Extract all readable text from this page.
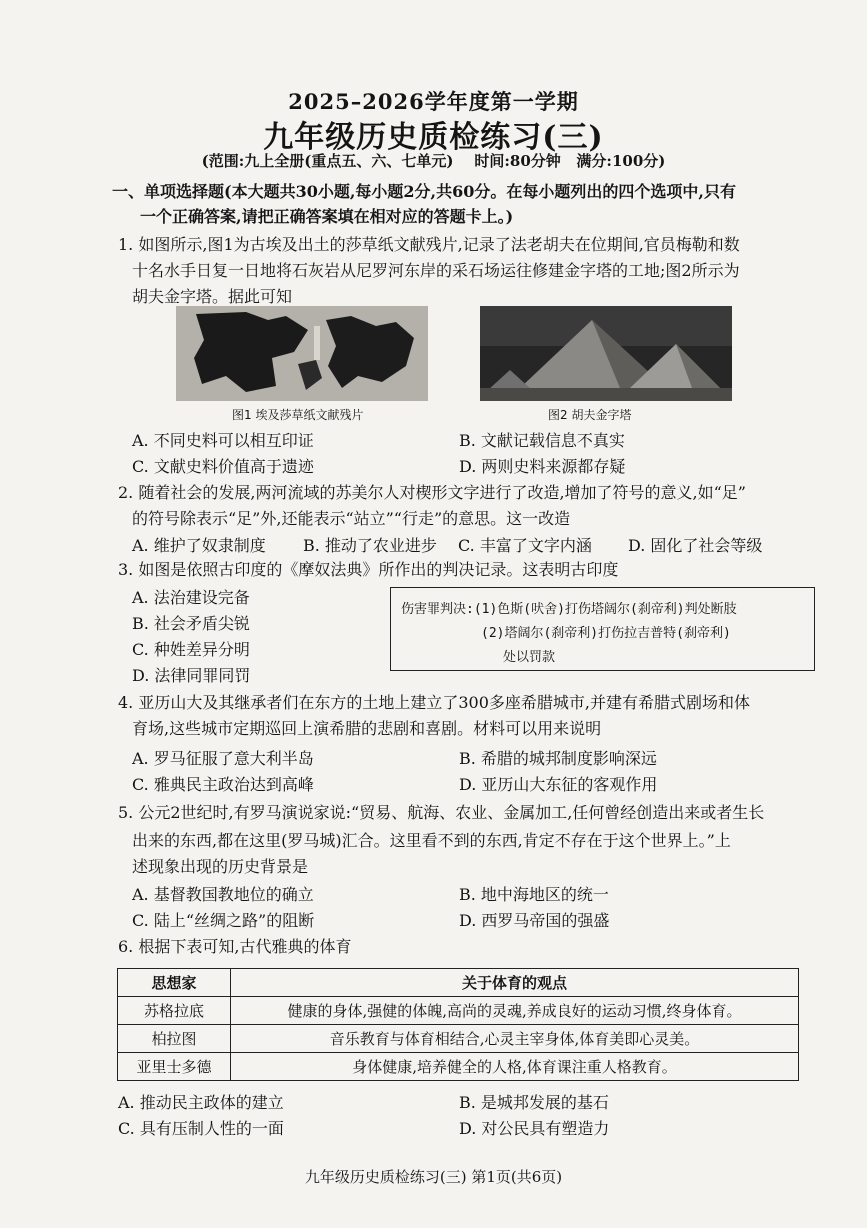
2025–2026学年度第一学期
九年级历史质检练习(三)
(范围:九上全册(重点五、六、七单元)    时间:80分钟   满分:100分)
一、单项选择题(本大题共30小题,每小题2分,共60分。在每小题列出的四个选项中,只有
一个正确答案,请把正确答案填在相对应的答题卡上。)
1. 如图所示,图1为古埃及出土的莎草纸文献残片,记录了法老胡夫在位期间,官员梅勒和数
十名水手日复一日地将石灰岩从尼罗河东岸的采石场运往修建金字塔的工地;图2所示为
胡夫金字塔。据此可知
图1 埃及莎草纸文献残片	图2 胡夫金字塔
A. 不同史料可以相互印证	B. 文献记载信息不真实
C. 文献史料价值高于遗迹	D. 两则史料来源都存疑
2. 随着社会的发展,两河流域的苏美尔人对楔形文字进行了改造,增加了符号的意义,如“足”
的符号除表示“足”外,还能表示“站立”“行走”的意思。这一改造
A. 维护了奴隶制度 B. 推动了农业进步 C. 丰富了文字内涵 D. 固化了社会等级
3. 如图是依照古印度的《摩奴法典》所作出的判决记录。这表明古印度
A. 法治建设完备
B. 社会矛盾尖锐
C. 种姓差异分明
D. 法律同罪同罚
伤害罪判决:(1)色斯(吠舍)打伤塔阔尔(刹帝利)判处断肢
(2)塔阔尔(刹帝利)打伤拉吉普特(刹帝利)
处以罚款
4. 亚历山大及其继承者们在东方的土地上建立了300多座希腊城市,并建有希腊式剧场和体
育场,这些城市定期巡回上演希腊的悲剧和喜剧。材料可以用来说明
A. 罗马征服了意大利半岛	B. 希腊的城邦制度影响深远
C. 雅典民主政治达到高峰	D. 亚历山大东征的客观作用
5. 公元2世纪时,有罗马演说家说:“贸易、航海、农业、金属加工,任何曾经创造出来或者生长
出来的东西,都在这里(罗马城)汇合。这里看不到的东西,肯定不存在于这个世界上。”上
述现象出现的历史背景是
A. 基督教国教地位的确立	B. 地中海地区的统一
C. 陆上“丝绸之路”的阻断	D. 西罗马帝国的强盛
6. 根据下表可知,古代雅典的体育
思想家	关于体育的观点
苏格拉底	健康的身体,强健的体魄,高尚的灵魂,养成良好的运动习惯,终身体育。
柏拉图	音乐教育与体育相结合,心灵主宰身体,体育美即心灵美。
亚里士多德	身体健康,培养健全的人格,体育课注重人格教育。
A. 推动民主政体的建立	B. 是城邦发展的基石
C. 具有压制人性的一面	D. 对公民具有塑造力
九年级历史质检练习(三) 第1页(共6页)
